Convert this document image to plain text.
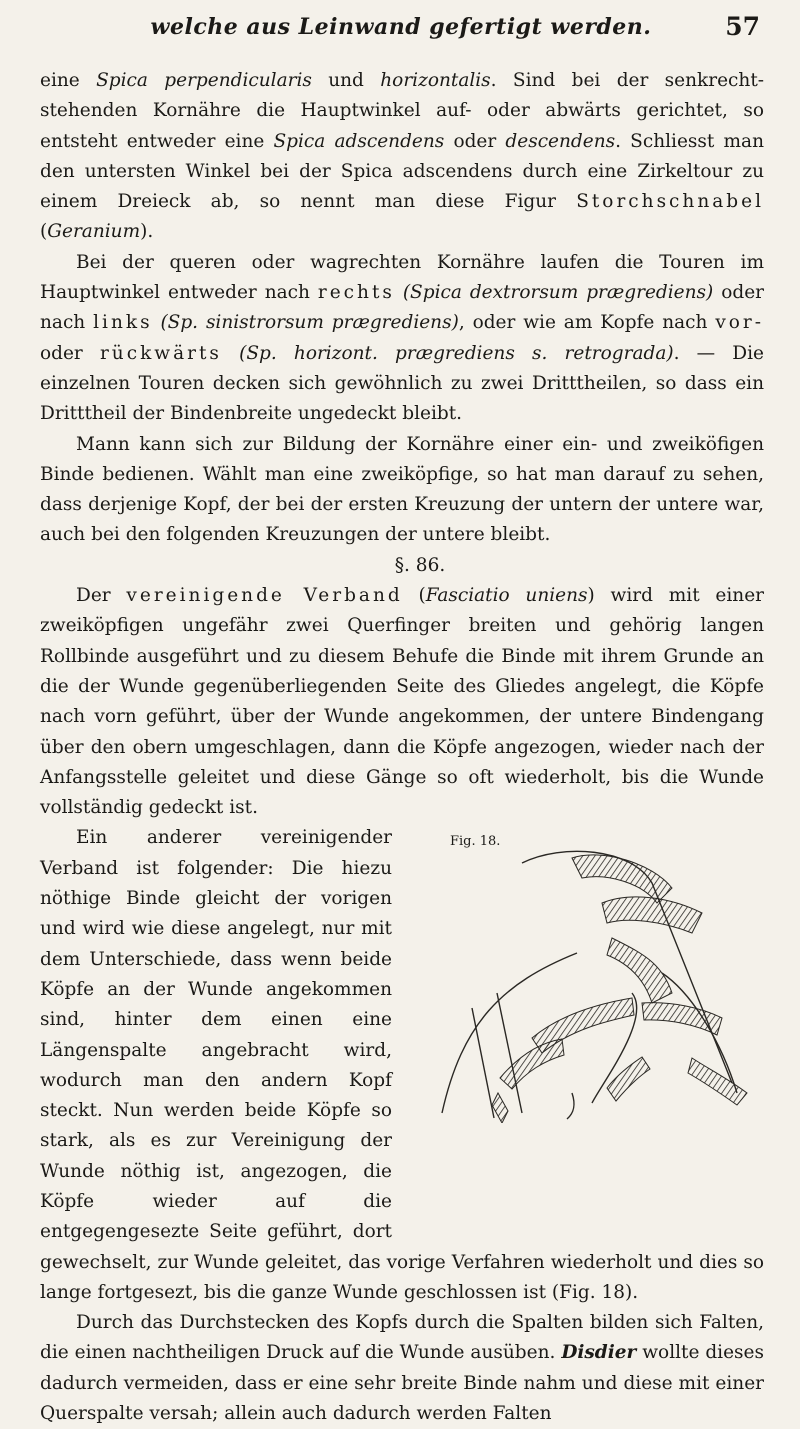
welche aus Leinwand gefertigt werden.	57

eine Spica perpendicularis und horizontalis. Sind bei der senkrecht-stehenden Kornähre die Hauptwinkel auf- oder abwärts gerichtet, so entsteht entweder eine Spica adscendens oder descendens. Schliesst man den untersten Winkel bei der Spica adscendens durch eine Zirkeltour zu einem Dreieck ab, so nennt man diese Figur Storchschnabel (Geranium).

Bei der queren oder wagrechten Kornähre laufen die Touren im Hauptwinkel entweder nach rechts (Spica dextrorsum prægrediens) oder nach links (Sp. sinistrorsum prægrediens), oder wie am Kopfe nach vor- oder rückwärts (Sp. horizont. prægrediens s. retrograda). — Die einzelnen Touren decken sich gewöhnlich zu zwei Dritttheilen, so dass ein Dritttheil der Bindenbreite ungedeckt bleibt.

Mann kann sich zur Bildung der Kornähre einer ein- und zweiköfigen Binde bedienen. Wählt man eine zweiköpfige, so hat man darauf zu sehen, dass derjenige Kopf, der bei der ersten Kreuzung der untern der untere war, auch bei den folgenden Kreuzungen der untere bleibt.

§. 86.

Der vereinigende Verband (Fasciatio uniens) wird mit einer zweiköpfigen ungefähr zwei Querfinger breiten und gehörig langen Rollbinde ausgeführt und zu diesem Behufe die Binde mit ihrem Grunde an die der Wunde gegenüberliegenden Seite des Gliedes angelegt, die Köpfe nach vorn geführt, über der Wunde angekommen, der untere Bindengang über den obern umgeschlagen, dann die Köpfe angezogen, wieder nach der Anfangsstelle geleitet und diese Gänge so oft wiederholt, bis die Wunde vollständig gedeckt ist.

Fig. 18.
Ein anderer vereinigender Verband ist folgender: Die hiezu nöthige Binde gleicht der vorigen und wird wie diese angelegt, nur mit dem Unterschiede, dass wenn beide Köpfe an der Wunde angekommen sind, hinter dem einen eine Längenspalte angebracht wird, wodurch man den andern Kopf steckt. Nun werden beide Köpfe so stark, als es zur Vereinigung der Wunde nöthig ist, angezogen, die Köpfe wieder auf die entgegengesezte Seite geführt, dort gewechselt, zur Wunde geleitet, das vorige Verfahren wiederholt und dies so lange fortgesezt, bis die ganze Wunde geschlossen ist (Fig. 18).

Durch das Durchstecken des Kopfs durch die Spalten bilden sich Falten, die einen nachtheiligen Druck auf die Wunde ausüben. Disdier wollte dieses dadurch vermeiden, dass er eine sehr breite Binde nahm und diese mit einer Querspalte versah; allein auch dadurch werden Falten
